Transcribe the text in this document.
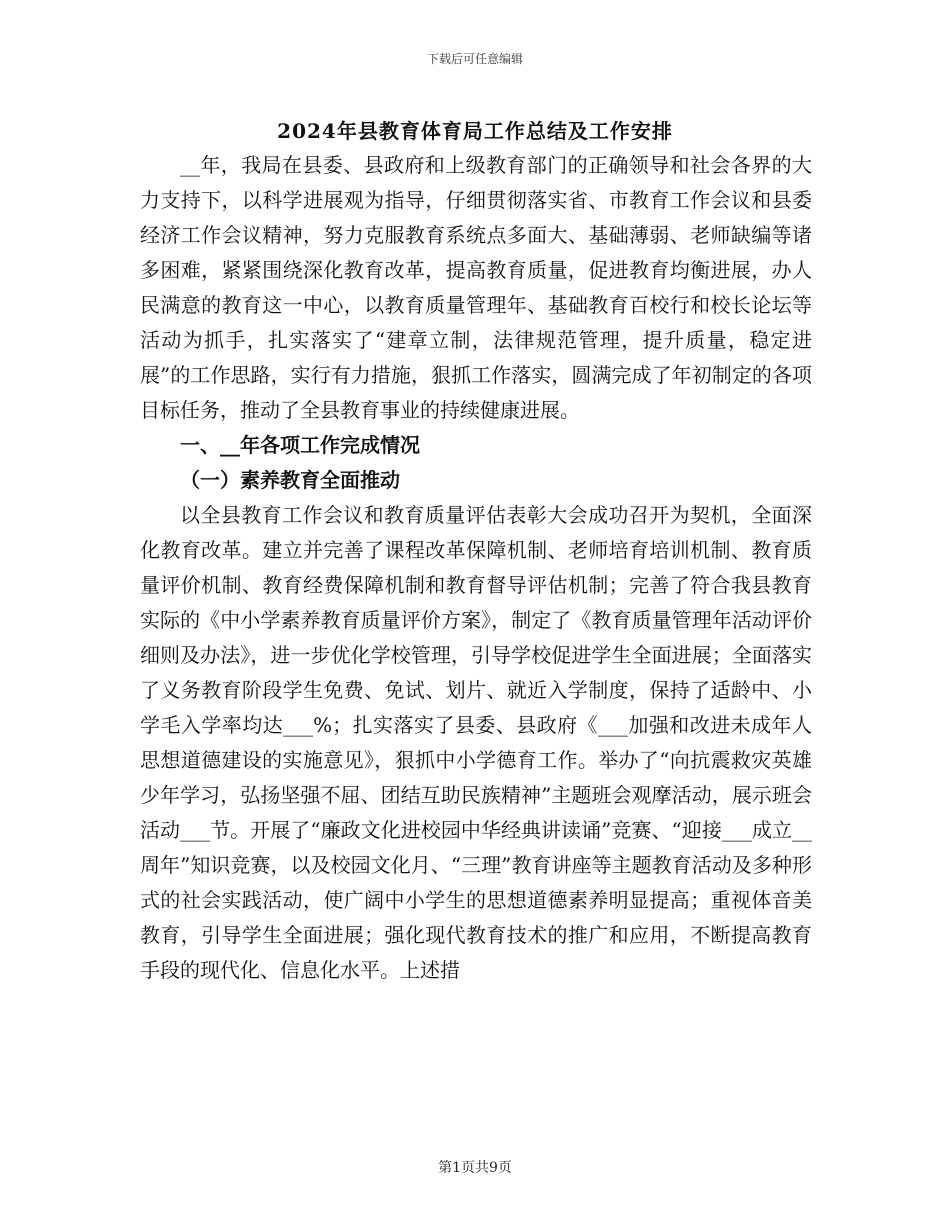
下载后可任意编辑
2024年县教育体育局工作总结及工作安排

__年，我局在县委、县政府和上级教育部门的正确领导和社会各界的大力支持下，以科学进展观为指导，仔细贯彻落实省、市教育工作会议和县委经济工作会议精神，努力克服教育系统点多面大、基础薄弱、老师缺编等诸多困难，紧紧围绕深化教育改革，提高教育质量，促进教育均衡进展，办人民满意的教育这一中心，以教育质量管理年、基础教育百校行和校长论坛等活动为抓手，扎实落实了“建章立制，法律规范管理，提升质量，稳定进展”的工作思路，实行有力措施，狠抓工作落实，圆满完成了年初制定的各项目标任务，推动了全县教育事业的持续健康进展。

一、__年各项工作完成情况
（一）素养教育全面推动

以全县教育工作会议和教育质量评估表彰大会成功召开为契机，全面深化教育改革。建立并完善了课程改革保障机制、老师培育培训机制、教育质量评价机制、教育经费保障机制和教育督导评估机制；完善了符合我县教育实际的《中小学素养教育质量评价方案》，制定了《教育质量管理年活动评价细则及办法》，进一步优化学校管理，引导学校促进学生全面进展；全面落实了义务教育阶段学生免费、免试、划片、就近入学制度，保持了适龄中、小学毛入学率均达___%；扎实落实了县委、县政府《___加强和改进未成年人思想道德建设的实施意见》，狠抓中小学德育工作。举办了“向抗震救灾英雄少年学习，弘扬坚强不屈、团结互助民族精神”主题班会观摩活动，展示班会活动___节。开展了“廉政文化进校园中华经典讲读诵”竞赛、“迎接___成立__周年”知识竞赛，以及校园文化月、“三理”教育讲座等主题教育活动及多种形式的社会实践活动，使广阔中小学生的思想道德素养明显提高；重视体音美教育，引导学生全面进展；强化现代教育技术的推广和应用，不断提高教育手段的现代化、信息化水平。上述措

第1页共9页
